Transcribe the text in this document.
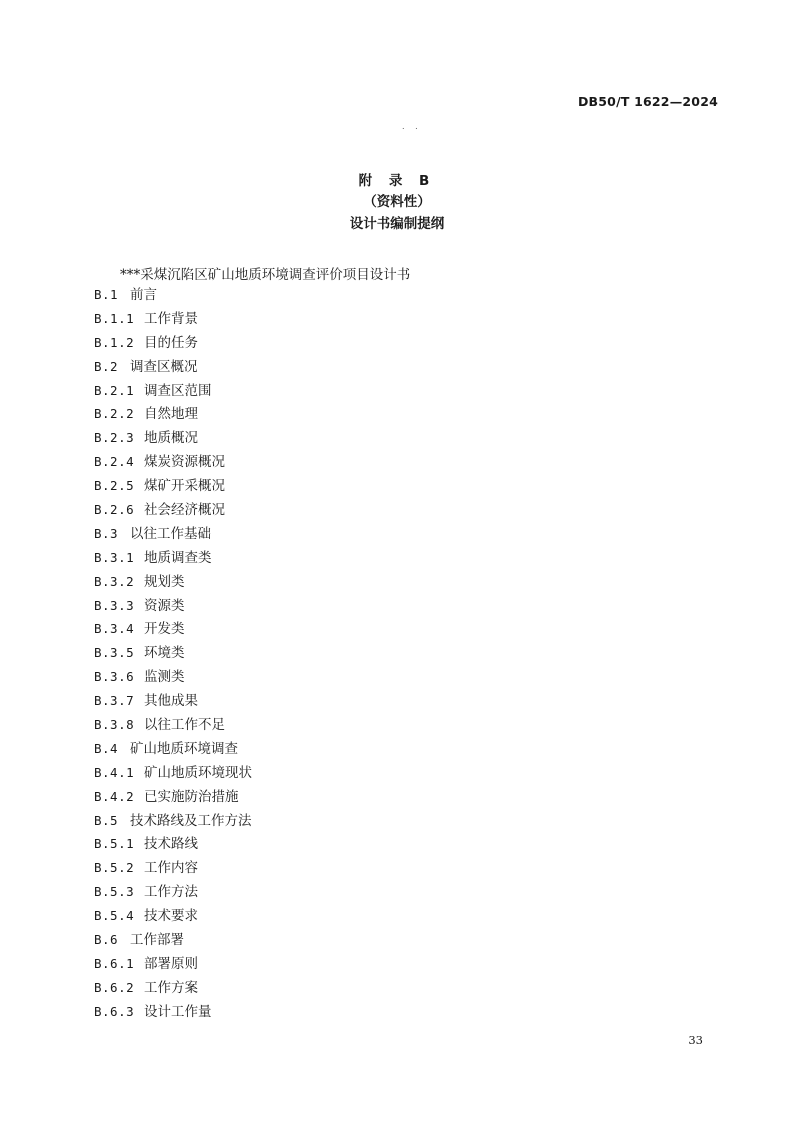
DB50/T 1622—2024
. .
附 录 B
（资料性）
设计书编制提纲
***采煤沉陷区矿山地质环境调查评价项目设计书
B.1 前言
B.1.1 工作背景
B.1.2 目的任务
B.2 调查区概况
B.2.1 调查区范围
B.2.2 自然地理
B.2.3 地质概况
B.2.4 煤炭资源概况
B.2.5 煤矿开采概况
B.2.6 社会经济概况
B.3 以往工作基础
B.3.1 地质调查类
B.3.2 规划类
B.3.3 资源类
B.3.4 开发类
B.3.5 环境类
B.3.6 监测类
B.3.7 其他成果
B.3.8 以往工作不足
B.4 矿山地质环境调查
B.4.1 矿山地质环境现状
B.4.2 已实施防治措施
B.5 技术路线及工作方法
B.5.1 技术路线
B.5.2 工作内容
B.5.3 工作方法
B.5.4 技术要求
B.6 工作部署
B.6.1 部署原则
B.6.2 工作方案
B.6.3 设计工作量
33
